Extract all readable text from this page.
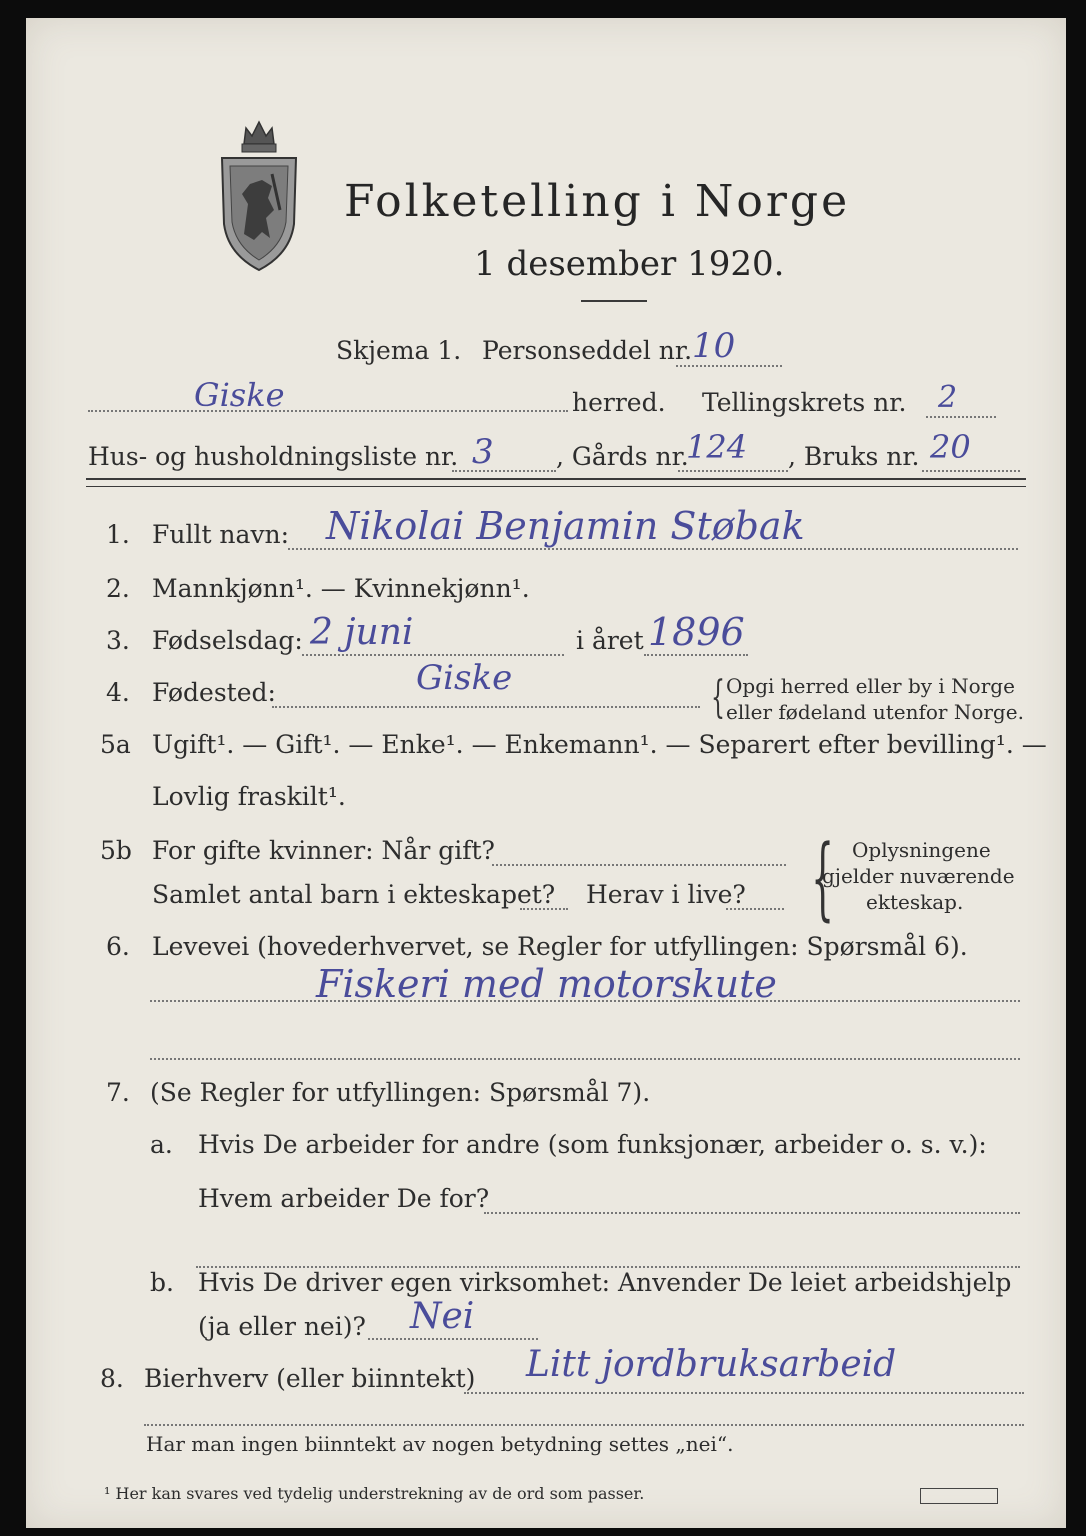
Folketelling i Norge
1 desember 1920.
Skjema 1. Personseddel nr. 10
Giske	herred. Tellingskrets nr. 2
Hus- og husholdningsliste nr. 3 , Gårds nr.
124 , Bruks nr. 20
1. Fullt navn: Nikolai Benjamin Støbak
2. Mannkjønn¹. — Kvinnekjønn¹.
3. Fødselsdag: 2 juni	i året 1896
4. Fødested:	Giske	{ Opgi herred eller by i Norge
eller fødeland utenfor Norge.
5a Ugift¹. — Gift¹. — Enke¹. — Enkemann¹. — Separert efter bevilling¹. —
Lovlig fraskilt¹.
5b For gifte kvinner: Når gift?
Samlet antal barn i ekteskapet? Herav i live? { Oplysningene
gjelder nuværende
ekteskap.
6. Levevei (hovederhvervet, se Regler for utfyllingen: Spørsmål 6).
Fiskeri med motorskute
7. (Se Regler for utfyllingen: Spørsmål 7).
a. Hvis De arbeider for andre (som funksjonær, arbeider o. s. v.):
Hvem arbeider De for?
b. Hvis De driver egen virksomhet: Anvender De leiet arbeidshjelp
(ja eller nei)? Nei
8. Bierhverv (eller biinntekt) Litt jordbruksarbeid
Har man ingen biinntekt av nogen betydning settes „nei“.
¹ Her kan svares ved tydelig understrekning av de ord som passer.
